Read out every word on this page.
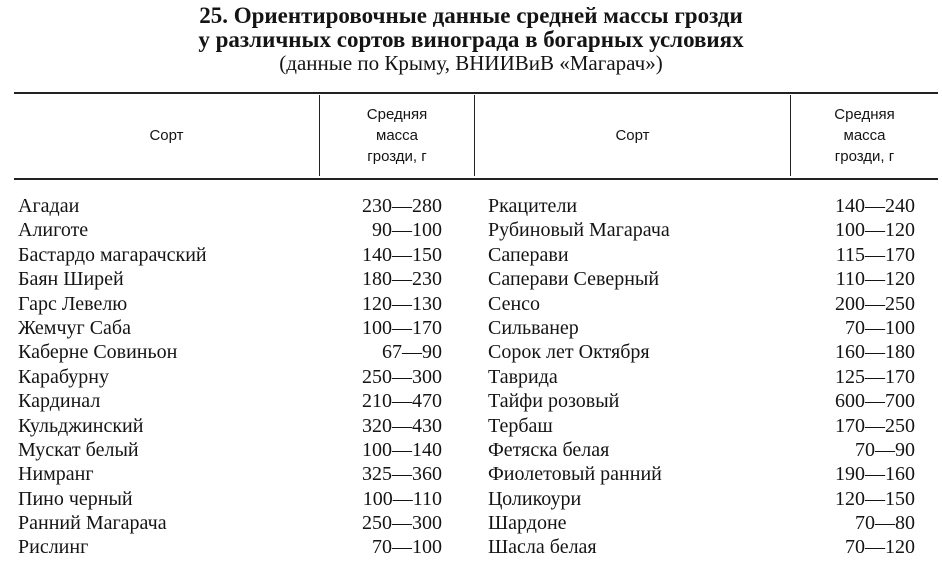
25. Ориентировочные данные средней массы грозди

у различных сортов винограда в богарных условиях

(данные по Крыму, ВНИИВиВ «Магарач»)

Сорт
Средняя
масса
грозди, г
Сорт
Средняя
масса
грозди, г
Агадаи
Алиготе
Бастардо магарачский
Баян Ширей
Гарс Левелю
Жемчуг Саба
Каберне Совиньон
Карабурну
Кардинал
Кульджинский
Мускат белый
Нимранг
Пино черный
Ранний Магарача
Рислинг
230—280
90—100
140—150
180—230
120—130
100—170
67—90
250—300
210—470
320—430
100—140
325—360
100—110
250—300
70—100
Ркацители
Рубиновый Магарача
Саперави
Саперави Северный
Сенсо
Сильванер
Сорок лет Октября
Таврида
Тайфи розовый
Тербаш
Фетяска белая
Фиолетовый ранний
Цоликоури
Шардоне
Шасла белая
140—240
100—120
115—170
110—120
200—250
70—100
160—180
125—170
600—700
170—250
70—90
190—160
120—150
70—80
70—120
